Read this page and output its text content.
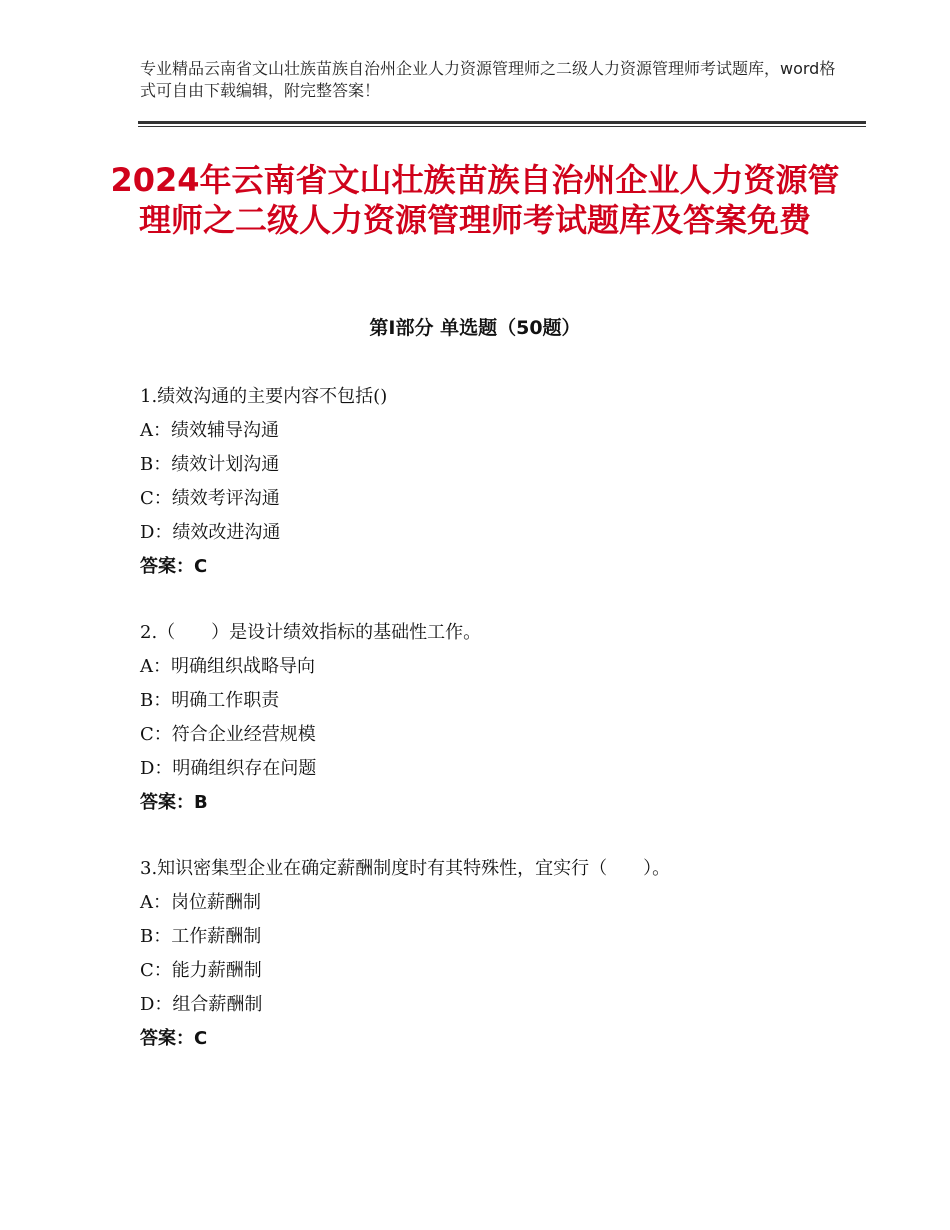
专业精品云南省文山壮族苗族自治州企业人力资源管理师之二级人力资源管理师考试题库，word格式可自由下载编辑，附完整答案！
2024年云南省文山壮族苗族自治州企业人力资源管理师之二级人力资源管理师考试题库及答案免费
第Ⅰ部分 单选题（50题）
1.绩效沟通的主要内容不包括()
A：绩效辅导沟通
B：绩效计划沟通
C：绩效考评沟通
D：绩效改进沟通
答案：C
2.（　　）是设计绩效指标的基础性工作。
A：明确组织战略导向
B：明确工作职责
C：符合企业经营规模
D：明确组织存在问题
答案：B
3.知识密集型企业在确定薪酬制度时有其特殊性，宜实行（　　）。
A：岗位薪酬制
B：工作薪酬制
C：能力薪酬制
D：组合薪酬制
答案：C
